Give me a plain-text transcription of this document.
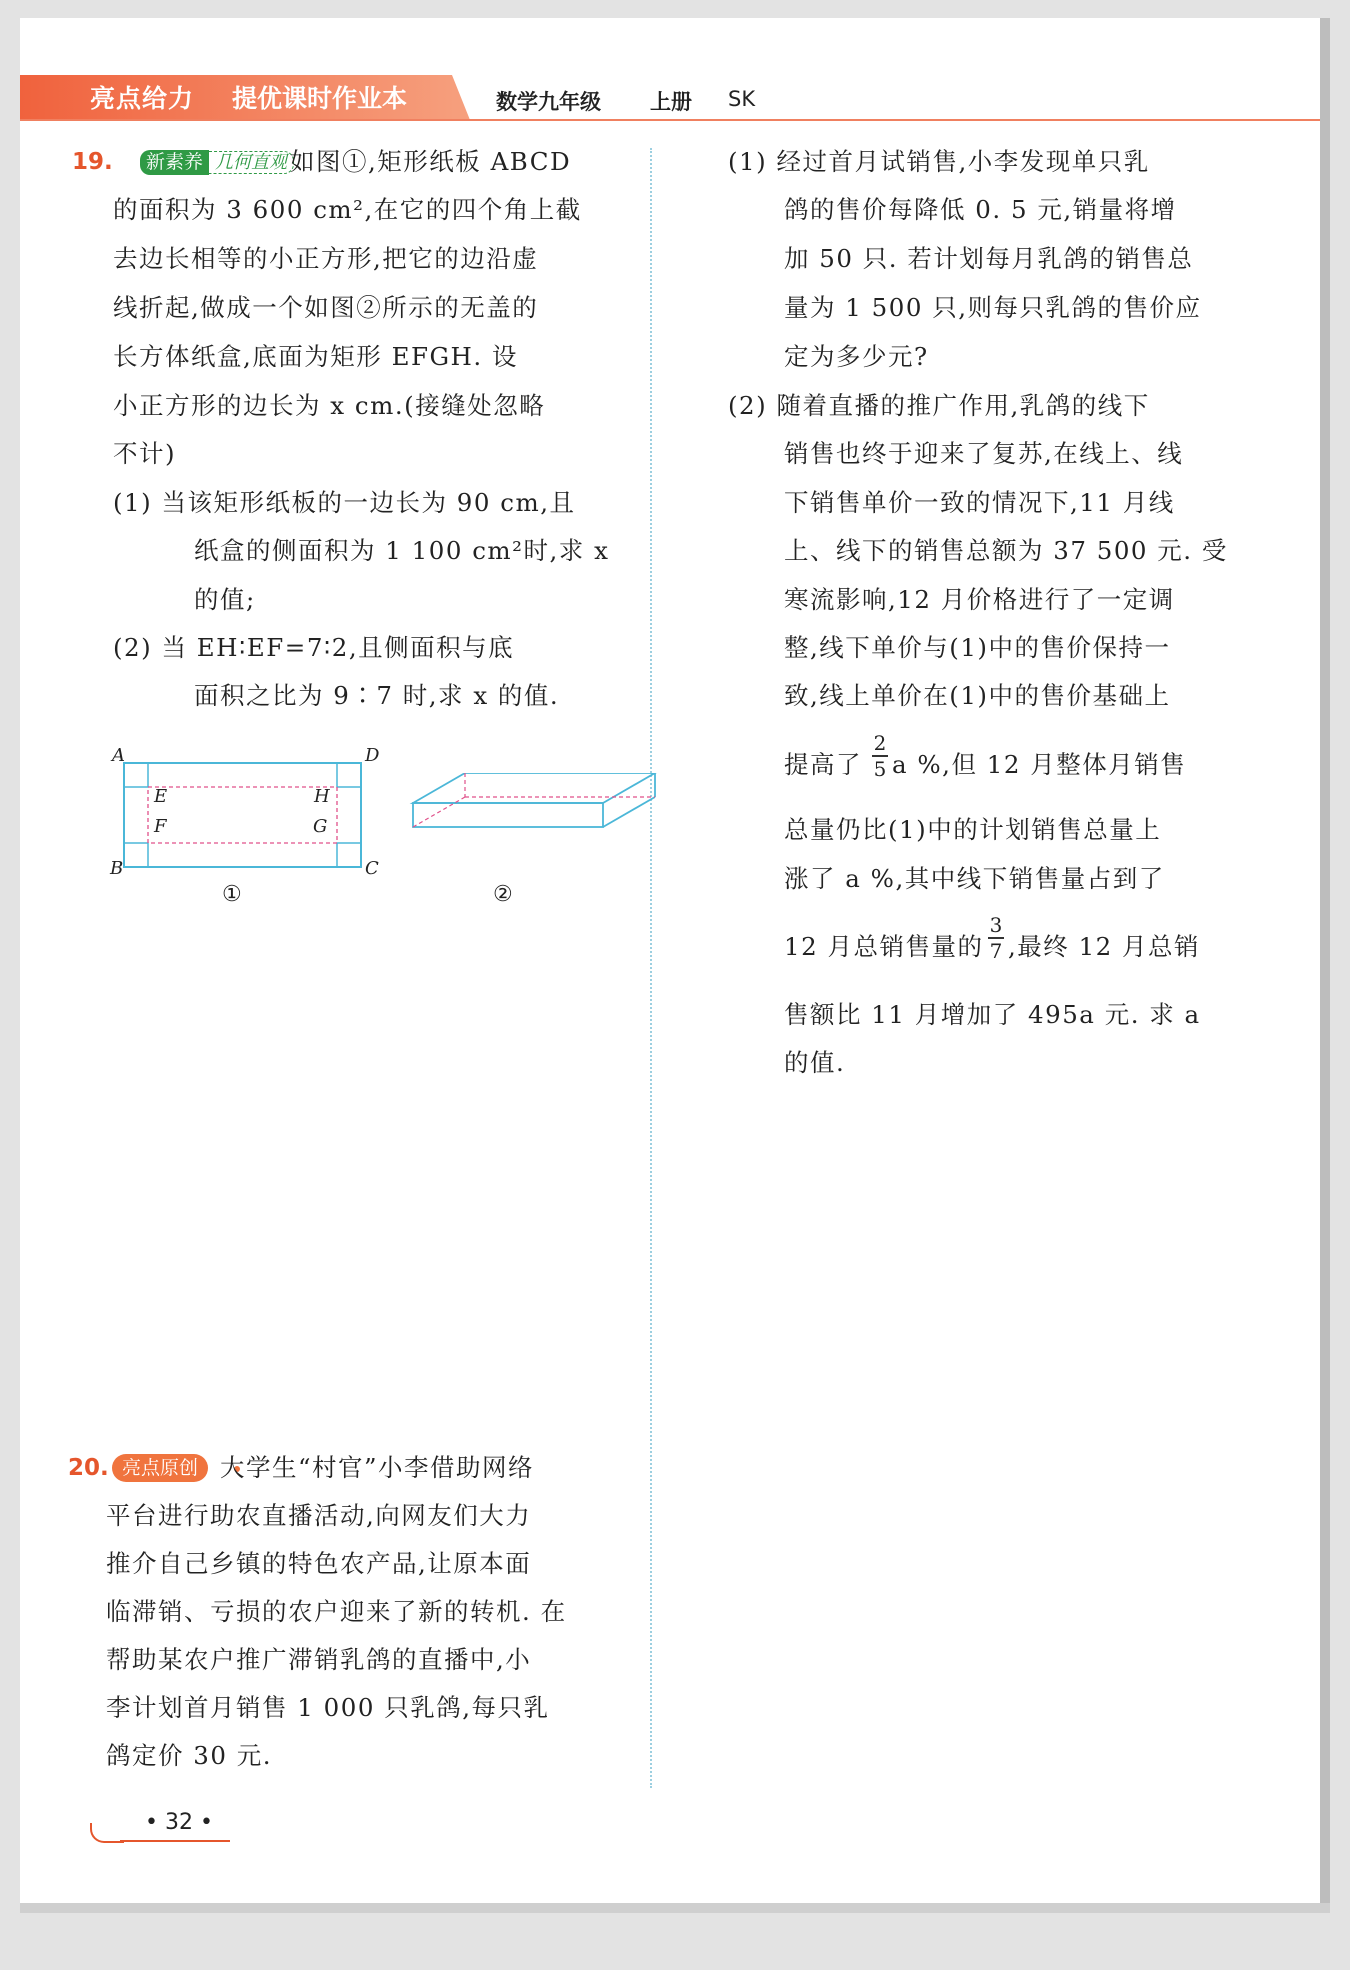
亮点给力 提优课时作业本	数学九年级 上册 SK
19.	新素养 几何直观 如图①,矩形纸板 ABCD
的面积为 3 600 cm²,在它的四个角上截
去边长相等的小正方形,把它的边沿虚
线折起,做成一个如图②所示的无盖的
长方体纸盒,底面为矩形 EFGH. 设
小正方形的边长为 x cm.(接缝处忽略
不计)
(1) 当该矩形纸板的一边长为 90 cm,且
纸盒的侧面积为 1 100 cm²时,求 x
的值;
(2) 当 EH∶EF=7∶2,且侧面积与底
面积之比为 9∶7 时,求 x 的值.
A	D
B	C
E	H
F	G
①	②
20. 亮点原创 大学生“村官”小李借助网络
平台进行助农直播活动,向网友们大力
推介自己乡镇的特色农产品,让原本面
临滞销、亏损的农户迎来了新的转机. 在
帮助某农户推广滞销乳鸽的直播中,小
李计划首月销售 1 000 只乳鸽,每只乳
鸽定价 30 元.
(1) 经过首月试销售,小李发现单只乳
鸽的售价每降低 0. 5 元,销量将增
加 50 只. 若计划每月乳鸽的销售总
量为 1 500 只,则每只乳鸽的售价应
定为多少元?
(2) 随着直播的推广作用,乳鸽的线下
销售也终于迎来了复苏,在线上、线
下销售单价一致的情况下,11 月线
上、线下的销售总额为 37 500 元. 受
寒流影响,12 月价格进行了一定调
整,线下单价与(1)中的售价保持一
致,线上单价在(1)中的售价基础上
提高了
2
5 a %,但 12 月整体月销售
总量仍比(1)中的计划销售总量上
涨了 a %,其中线下销售量占到了
12 月总销售量的
3
7 ,最终 12 月总销
售额比 11 月增加了 495a 元. 求 a
的值.
• 32 •
